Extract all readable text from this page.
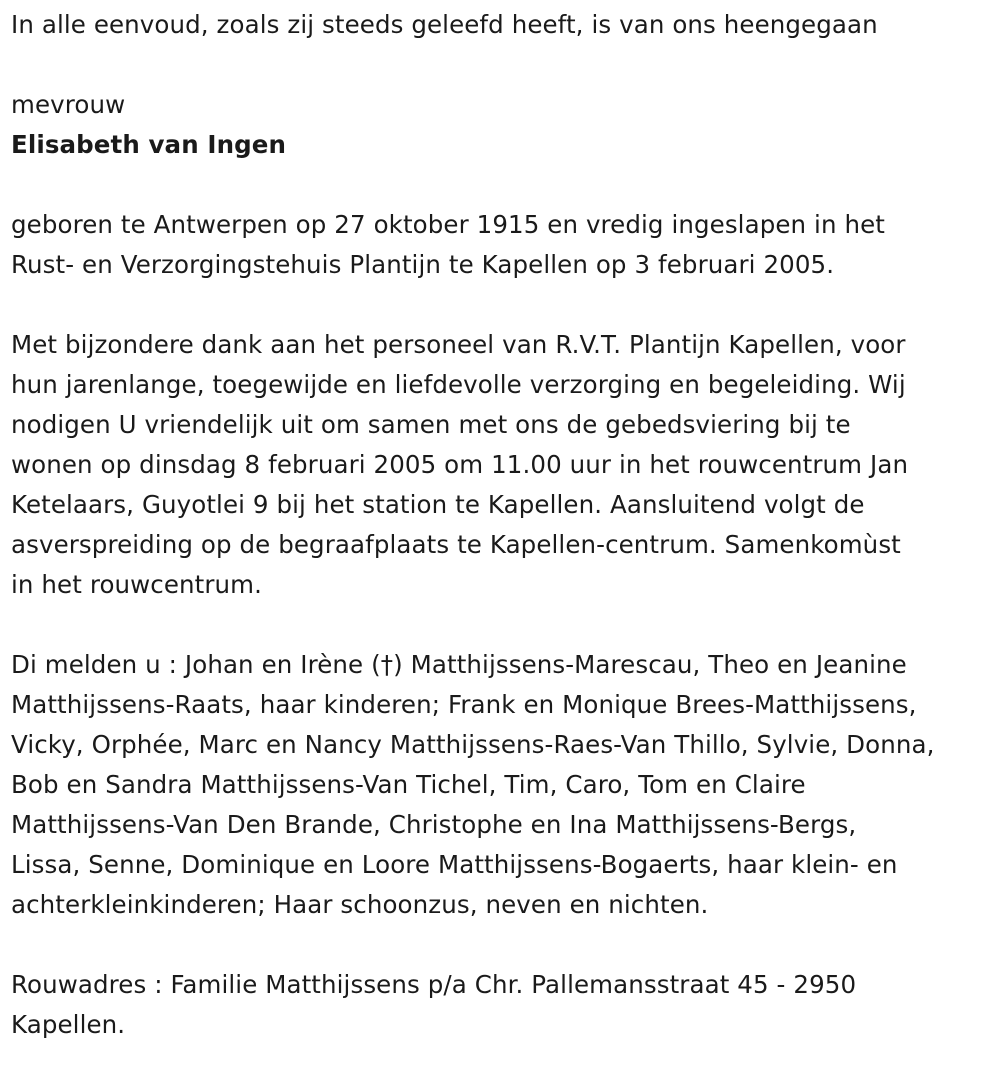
In alle eenvoud, zoals zij steeds geleefd heeft, is van ons heengegaan
mevrouw
Elisabeth van Ingen
geboren te Antwerpen op 27 oktober 1915 en vredig ingeslapen in het
Rust- en Verzorgingstehuis Plantijn te Kapellen op 3 februari 2005.
Met bijzondere dank aan het personeel van R.V.T. Plantijn Kapellen, voor
hun jarenlange, toegewijde en liefdevolle verzorging en begeleiding. Wij
nodigen U vriendelijk uit om samen met ons de gebedsviering bij te
wonen op dinsdag 8 februari 2005 om 11.00 uur in het rouwcentrum Jan
Ketelaars, Guyotlei 9 bij het station te Kapellen. Aansluitend volgt de
asverspreiding op de begraafplaats te Kapellen-centrum. Samenkomùst
in het rouwcentrum.
Di melden u : Johan en Irène (†) Matthijssens-Marescau, Theo en Jeanine
Matthijssens-Raats, haar kinderen; Frank en Monique Brees-Matthijssens,
Vicky, Orphée, Marc en Nancy Matthijssens-Raes-Van Thillo, Sylvie, Donna,
Bob en Sandra Matthijssens-Van Tichel, Tim, Caro, Tom en Claire
Matthijssens-Van Den Brande, Christophe en Ina Matthijssens-Bergs,
Lissa, Senne, Dominique en Loore Matthijssens-Bogaerts, haar klein- en
achterkleinkinderen; Haar schoonzus, neven en nichten.
Rouwadres : Familie Matthijssens p/a Chr. Pallemansstraat 45 - 2950
Kapellen.
